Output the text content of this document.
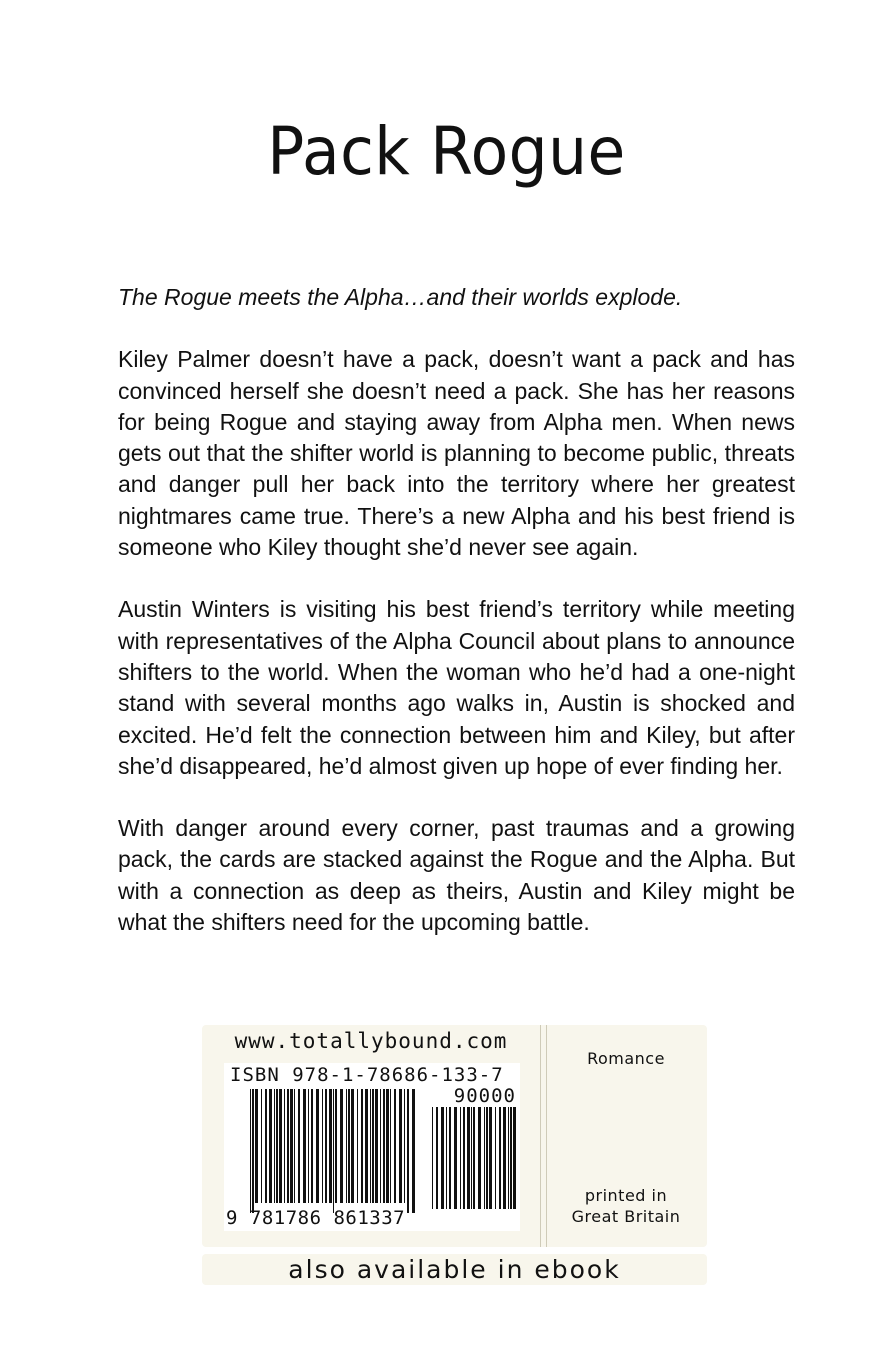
Pack Rogue

The Rogue meets the Alpha…and their worlds explode.

Kiley Palmer doesn’t have a pack, doesn’t want a pack and has convinced herself she doesn’t need a pack. She has her reasons for being Rogue and staying away from Alpha men. When news gets out that the shifter world is planning to become public, threats and danger pull her back into the territory where her greatest nightmares came true. There’s a new Alpha and his best friend is someone who Kiley thought she’d never see again.

Austin Winters is visiting his best friend’s territory while meeting with representatives of the Alpha Council about plans to announce shifters to the world. When the woman who he’d had a one-night stand with several months ago walks in, Austin is shocked and excited. He’d felt the connection between him and Kiley, but after she’d disappeared, he’d almost given up hope of ever finding her.

With danger around every corner, past traumas and a growing pack, the cards are stacked against the Rogue and the Alpha. But with a connection as deep as theirs, Austin and Kiley might be what the shifters need for the upcoming battle.

www.totallybound.com
ISBN 978-1-78686-133-7
90000
9 781786 861337
Romance
printed in
Great Britain
also available in ebook
